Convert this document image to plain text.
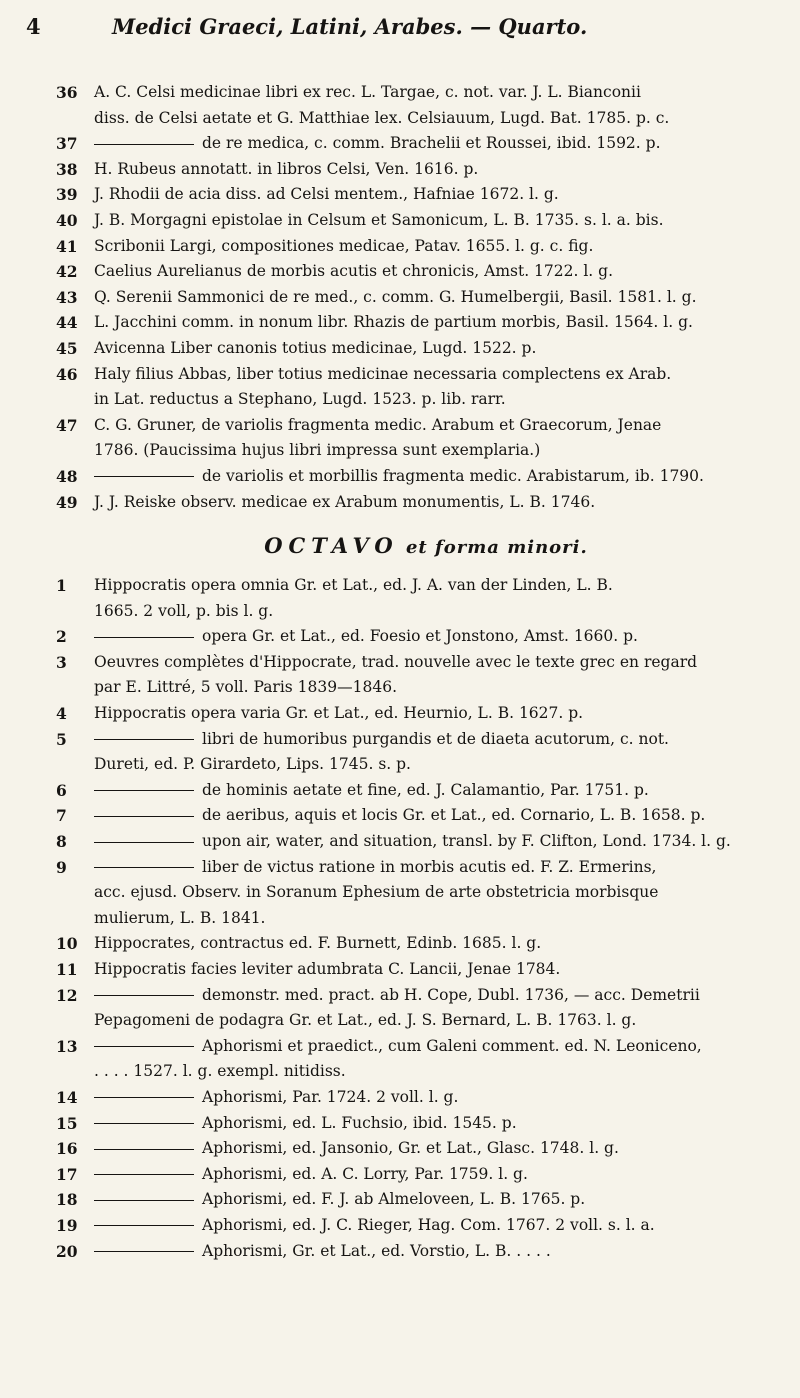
4	Medici Graeci, Latini, Arabes. — Quarto.
36 A. C. Celsi medicinae libri ex rec. L. Targae, c. not. var. J. L. Bianconii
diss. de Celsi aetate et G. Matthiae lex. Celsiauum, Lugd. Bat. 1785. p. c.
37	de re medica, c. comm. Brachelii et Roussei, ibid. 1592. p.
38 H. Rubeus annotatt. in libros Celsi, Ven. 1616. p.
39 J. Rhodii de acia diss. ad Celsi mentem., Hafniae 1672. l. g.
40 J. B. Morgagni epistolae in Celsum et Samonicum, L. B. 1735. s. l. a. bis.
41 Scribonii Largi, compositiones medicae, Patav. 1655. l. g. c. fig.
42 Caelius Aurelianus de morbis acutis et chronicis, Amst. 1722. l. g.
43 Q. Serenii Sammonici de re med., c. comm. G. Humelbergii, Basil. 1581. l. g.
44 L. Jacchini comm. in nonum libr. Rhazis de partium morbis, Basil. 1564. l. g.
45 Avicenna Liber canonis totius medicinae, Lugd. 1522. p.
46 Haly filius Abbas, liber totius medicinae necessaria complectens ex Arab.
in Lat. reductus a Stephano, Lugd. 1523. p. lib. rarr.
47 C. G. Gruner, de variolis fragmenta medic. Arabum et Graecorum, Jenae
1786. (Paucissima hujus libri impressa sunt exemplaria.)
48	de variolis et morbillis fragmenta medic. Arabistarum, ib. 1790.
49 J. J. Reiske observ. medicae ex Arabum monumentis, L. B. 1746.
OCTAVO et forma minori.
1 Hippocratis opera omnia Gr. et Lat., ed. J. A. van der Linden, L. B.
1665. 2 voll, p. bis l. g.
2	opera Gr. et Lat., ed. Foesio et Jonstono, Amst. 1660. p.
3 Oeuvres complètes d'Hippocrate, trad. nouvelle avec le texte grec en regard
par E. Littré, 5 voll. Paris 1839—1846.
4 Hippocratis opera varia Gr. et Lat., ed. Heurnio, L. B. 1627. p.
5	libri de humoribus purgandis et de diaeta acutorum, c. not.
Dureti, ed. P. Girardeto, Lips. 1745. s. p.
6	de hominis aetate et fine, ed. J. Calamantio, Par. 1751. p.
7	de aeribus, aquis et locis Gr. et Lat., ed. Cornario, L. B. 1658. p.
8	upon air, water, and situation, transl. by F. Clifton, Lond. 1734. l. g.
9	liber de victus ratione in morbis acutis ed. F. Z. Ermerins,
acc. ejusd. Observ. in Soranum Ephesium de arte obstetricia morbisque
mulierum, L. B. 1841.
10 Hippocrates, contractus ed. F. Burnett, Edinb. 1685. l. g.
11 Hippocratis facies leviter adumbrata C. Lancii, Jenae 1784.
12	demonstr. med. pract. ab H. Cope, Dubl. 1736, — acc. Demetrii
Pepagomeni de podagra Gr. et Lat., ed. J. S. Bernard, L. B. 1763. l. g.
13	Aphorismi et praedict., cum Galeni comment. ed. N. Leoniceno,
. . . . 1527. l. g. exempl. nitidiss.
14	Aphorismi, Par. 1724. 2 voll. l. g.
15	Aphorismi, ed. L. Fuchsio, ibid. 1545. p.
16	Aphorismi, ed. Jansonio, Gr. et Lat., Glasc. 1748. l. g.
17	Aphorismi, ed. A. C. Lorry, Par. 1759. l. g.
18	Aphorismi, ed. F. J. ab Almeloveen, L. B. 1765. p.
19	Aphorismi, ed. J. C. Rieger, Hag. Com. 1767. 2 voll. s. l. a.
20	Aphorismi, Gr. et Lat., ed. Vorstio, L. B. . . . .
